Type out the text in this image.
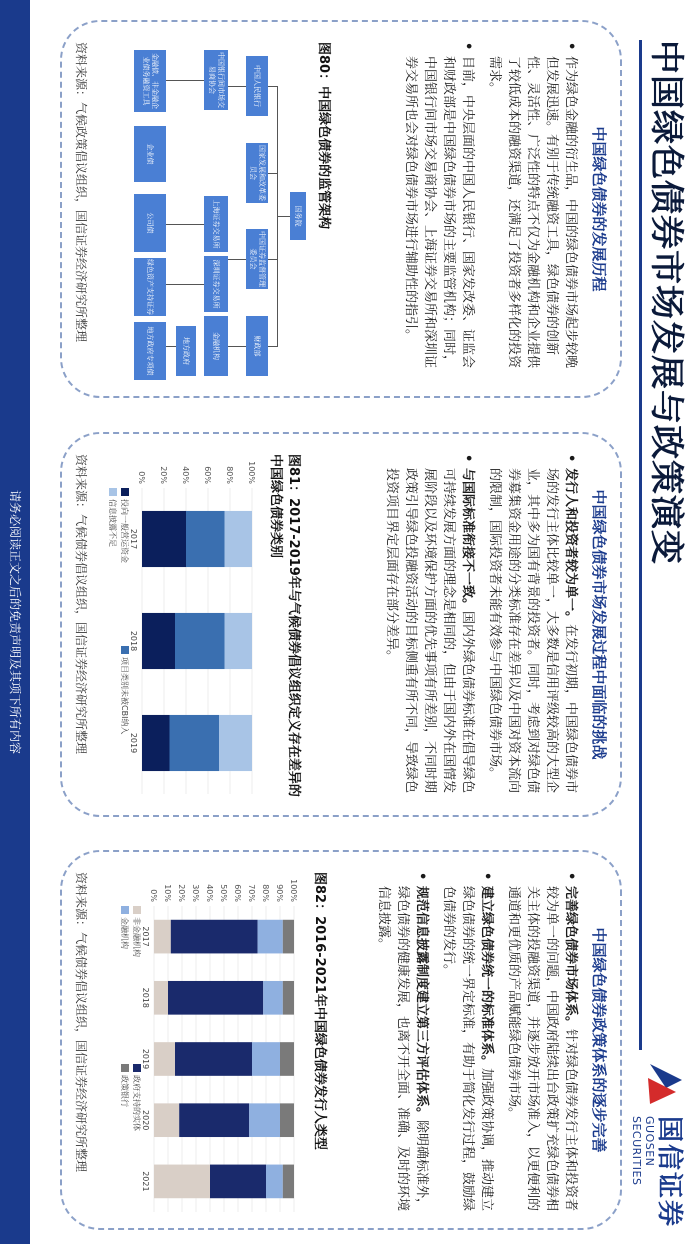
请务必阅读正文之后的免责声明及其项下所有内容
中国绿色债券市场发展与政策演变
国信证券
GUOSEN SECURITIES
中国绿色债券的发展历程
•
作为绿色金融的衍生品，中国的绿色债券市场起步较晚但发展迅速。有别于传统融资工具，绿色债券的创新性、灵活性、广泛性的特点不仅为金融机构和企业提供了较低成本的融资渠道，还满足了投资者多样化的投资需求。
•
目前，中央层面的中国人民银行、国家发改委、证监会和财政部是中国绿色债券市场的主要监管机构；同时，中国银行间市场交易商协会、上海证券交易所和深圳证券交易所也会对绿色债券市场进行辅助性的指引。
图80：中国绿色债券的监管架构
国务院
中国人民银行
国家发展和改革委员会
中国证券监督管理委员会
财政部
中国银行间市场交易商协会
上海证券交易所
深圳证券交易所
金融机构
地方政府
金融债、非金融企业债务融资工具
企业债
公司债
绿色资产支持证券
地方政府专项债
资料来源：气候政策倡议组织，国信证券经济研究所整理
中国绿色债券市场发展过程中面临的挑战
•
发行人和投资者较为单一。在发行初期，中国绿色债券市场的发行主体比较单一，大多数是信用评级较高的大型企业，其中多为国有背景的投资者。同时，考虑到对绿色债券募集资金用途的分类标准存在差异以及中国对资本流向的限制，国际投资者未能有效参与中国绿色债券市场。
•
与国际标准衔接不一致。国内外绿色债券标准在倡导绿色可持续发展方面的理念是相同的，但由于国内外在国情发展阶段以及环境保护方面的优先事项有所差别，不同时期政策引导绿色投融资活动的目标侧重有所不同，导致绿色投资项目界定层面存在部分差异。
图81：2017-2019年与气候债券倡议组织定义存在差异的中国绿色债券类别
0% 20% 40% 60% 80% 100%
2017
2018
2019
投向一般营运资金
项目类别未被CBI纳入
信息披露不足
资料来源：气候债券倡议组织，国信证券经济研究所整理
中国绿色债券政策体系的逐步完善
•
完善绿色债券市场体系。针对绿色债券发行主体和投资者较为单一的问题，中国政府陆续出台政策扩充绿色债券相关主体的投融资渠道，并逐步放开市场准入，以更便利的通道和更优质的产品赋能绿色债券市场。
•
建立绿色债券统一的标准体系。加强政策协调，推动建立绿色债券的统一界定标准，有助于简化发行过程，鼓励绿色债券的发行。
•
规范信息披露制度建立第三方评估体系。除明确标准外，绿色债券的健康发展，也离不开全面、准确、及时的环境信息披露。
图82：2016-2021年中国绿色债券发行人类型
0% 10% 20% 30% 40% 50% 60% 70% 80% 90% 100%
2017
2018
2019
2020
2021
非金融机构
政府支持的实体
金融机构
政策银行
资料来源：气候债券倡议组织，国信证券经济研究所整理
